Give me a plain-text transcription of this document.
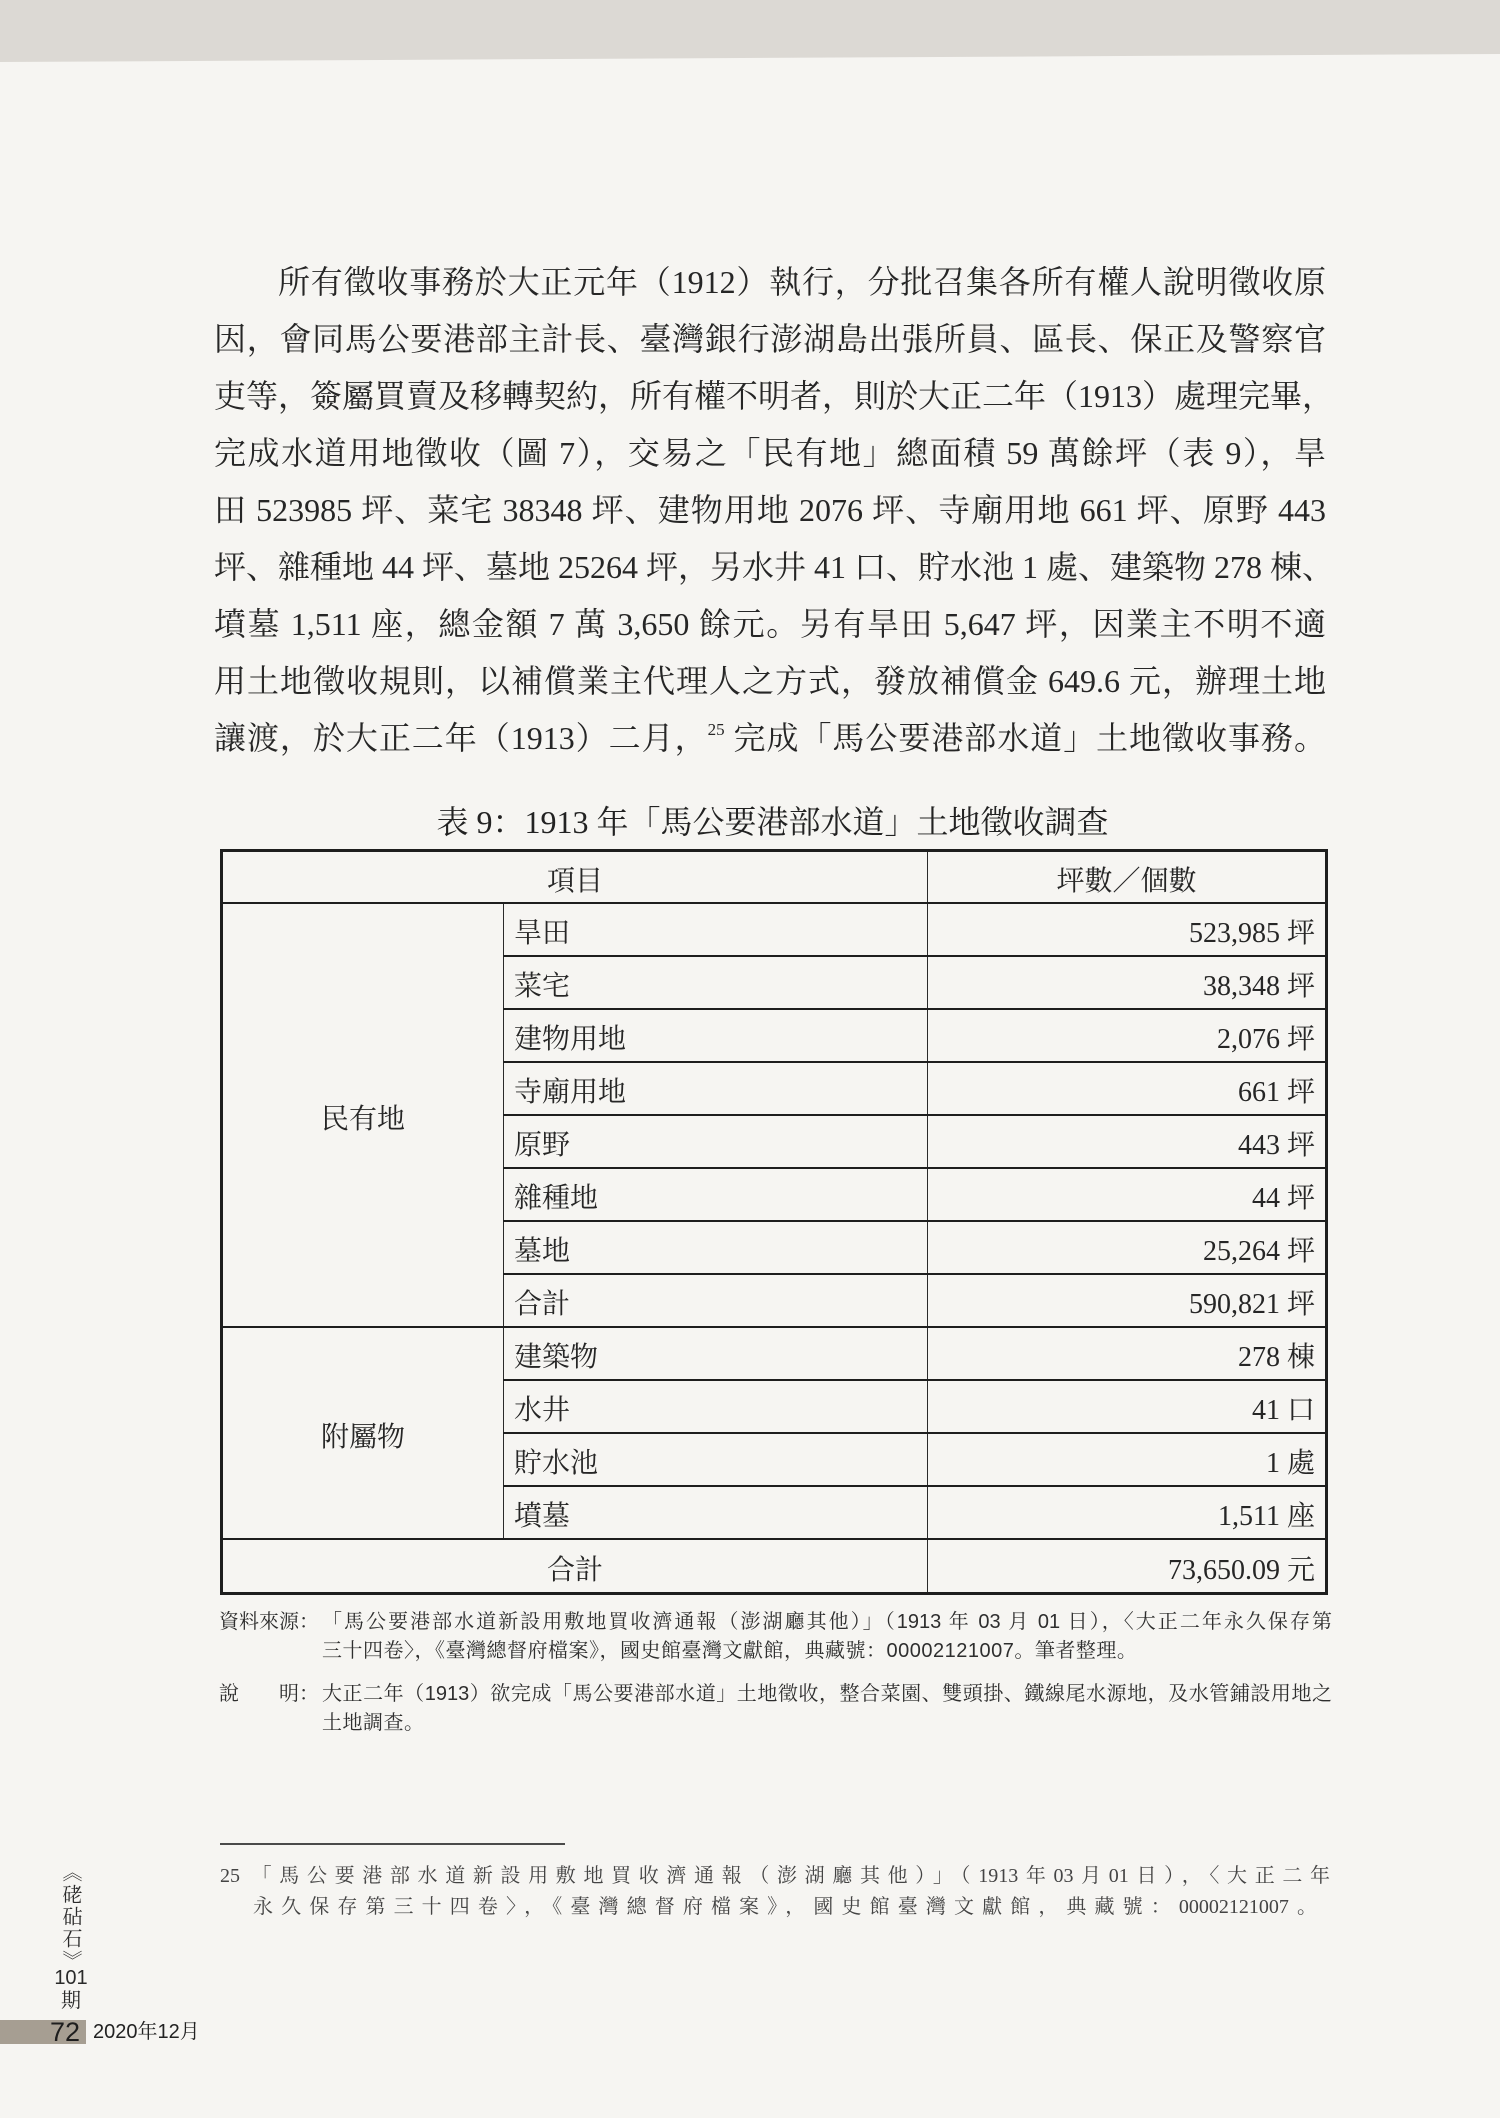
所有徵收事務於大正元年（1912）執行，分批召集各所有權人說明徵收原
因，會同馬公要港部主計長、臺灣銀行澎湖島出張所員、區長、保正及警察官
吏等，簽屬買賣及移轉契約，所有權不明者，則於大正二年（1913）處理完畢，
完成水道用地徵收（圖 7），交易之「民有地」總面積 59 萬餘坪（表 9），旱
田 523985 坪、菜宅 38348 坪、建物用地 2076 坪、寺廟用地 661 坪、原野 443
坪、雜種地 44 坪、墓地 25264 坪，另水井 41 口、貯水池 1 處、建築物 278 棟、
墳墓 1,511 座，總金額 7 萬 3,650 餘元。另有旱田 5,647 坪，因業主不明不適
用土地徵收規則，以補償業主代理人之方式，發放補償金 649.6 元，辦理土地
讓渡，於大正二年（1913）二月，$^{25}$ 完成「馬公要港部水道」土地徵收事務。
表 9：1913 年「馬公要港部水道」土地徵收調查
項目		坪數／個數
民有地	旱田	523,985 坪
	菜宅	38,348 坪
	建物用地	2,076 坪
	寺廟用地	661 坪
	原野	443 坪
	雜種地	44 坪
	墓地	25,264 坪
	合計	590,821 坪
附屬物	建築物	278 棟
	水井	41 口
	貯水池	1 處
	墳墓	1,511 座
合計		73,650.09 元
資料來源： 「馬公要港部水道新設用敷地買收濟通報（澎湖廳其他）」（1913 年 03 月 01 日），〈大正二年永久保存第
三十四卷〉，《臺灣總督府檔案》，國史館臺灣文獻館，典藏號：00002121007。筆者整理。
說　　明： 大正二年（1913）欲完成「馬公要港部水道」土地徵收，整合菜園、雙頭掛、鐵線尾水源地，及水管鋪設用地之
土地調查。
25 「馬公要港部水道新設用敷地買收濟通報（澎湖廳其他）」（1913年03月01日），〈大正二年
永久保存第三十四卷〉，《臺灣總督府檔案》，國史館臺灣文獻館，典藏號：00002121007。
《硓砧石》
101
期
72 2020年12月
